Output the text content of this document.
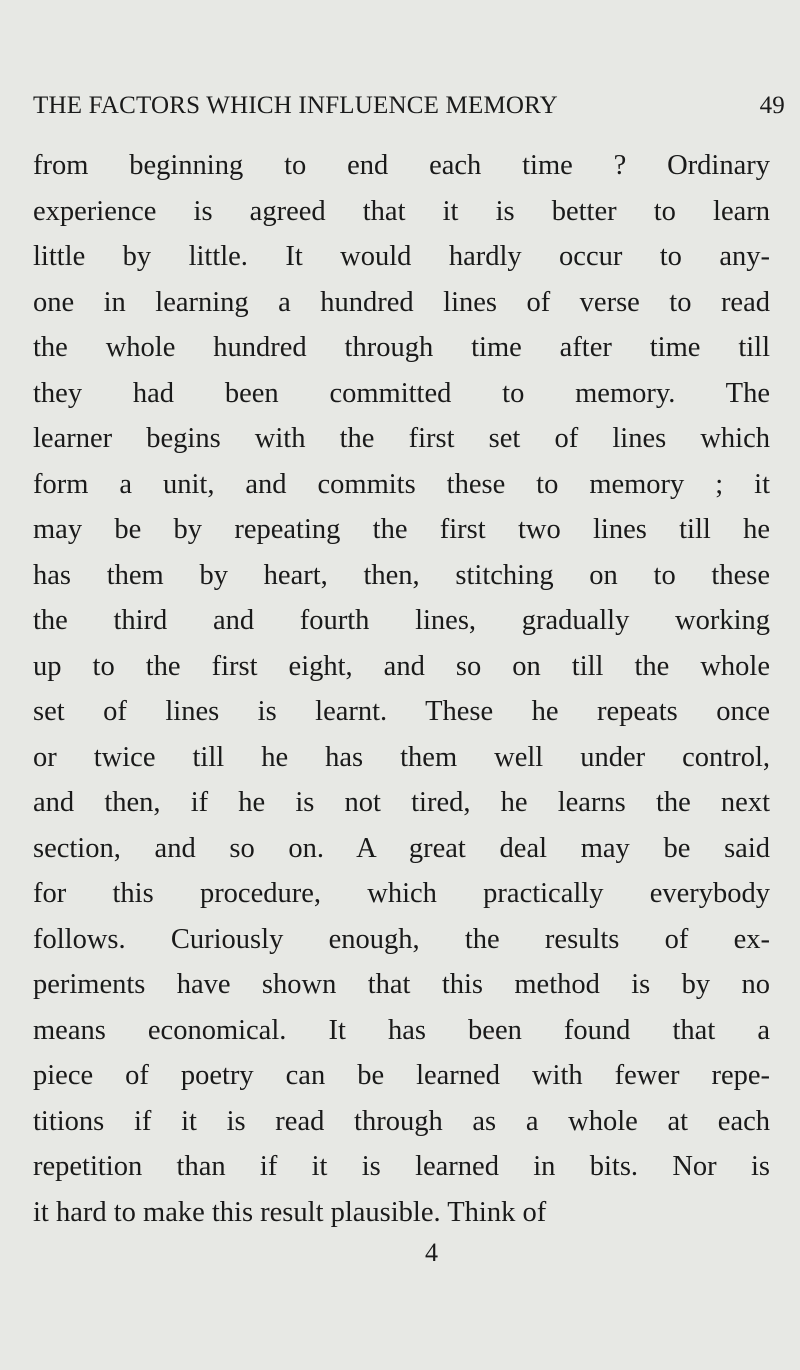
THE FACTORS WHICH INFLUENCE MEMORY	49
from beginning to end each time ? Ordinary
experience is agreed that it is better to learn
little by little. It would hardly occur to any-
one in learning a hundred lines of verse to read
the whole hundred through time after time till
they had been committed to memory. The
learner begins with the first set of lines which
form a unit, and commits these to memory ; it
may be by repeating the first two lines till he
has them by heart, then, stitching on to these
the third and fourth lines, gradually working
up to the first eight, and so on till the whole
set of lines is learnt. These he repeats once
or twice till he has them well under control,
and then, if he is not tired, he learns the next
section, and so on. A great deal may be said
for this procedure, which practically everybody
follows. Curiously enough, the results of ex-
periments have shown that this method is by no
means economical. It has been found that a
piece of poetry can be learned with fewer repe-
titions if it is read through as a whole at each
repetition than if it is learned in bits. Nor is
it hard to make this result plausible. Think of
4
